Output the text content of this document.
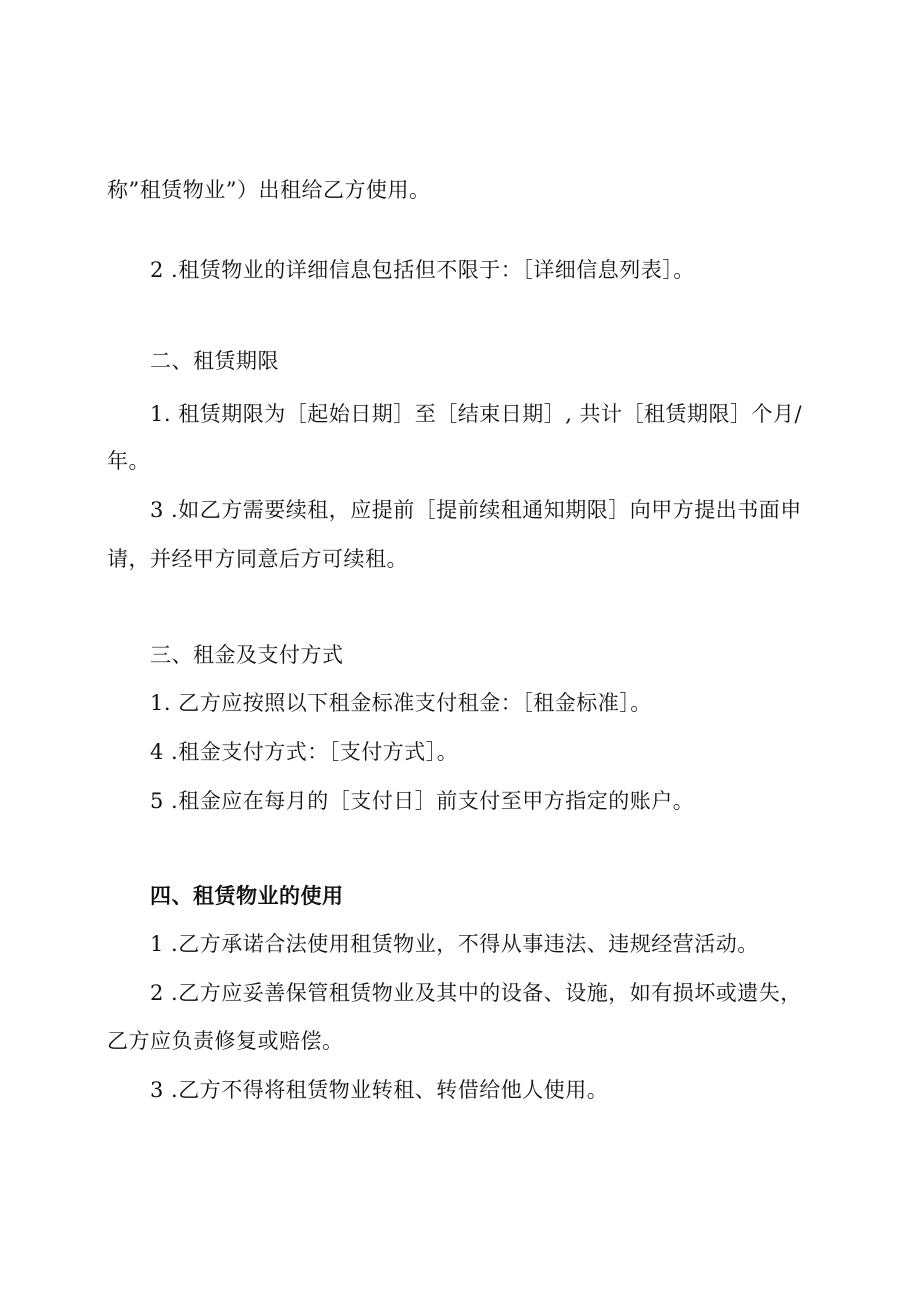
称”租赁物业”）出租给乙方使用。
2 .租赁物业的详细信息包括但不限于：［详细信息列表］。
二、租赁期限
1. 租赁期限为［起始日期］至［结束日期］, 共计［租赁期限］个月/
年。
3 .如乙方需要续租，应提前［提前续租通知期限］向甲方提出书面申
请，并经甲方同意后方可续租。
三、租金及支付方式
1. 乙方应按照以下租金标准支付租金：［租金标准］。
4 .租金支付方式：［支付方式］。
5 .租金应在每月的［支付日］前支付至甲方指定的账户。
四、租赁物业的使用
1 .乙方承诺合法使用租赁物业，不得从事违法、违规经营活动。
2 .乙方应妥善保管租赁物业及其中的设备、设施，如有损坏或遗失，
乙方应负责修复或赔偿。
3 .乙方不得将租赁物业转租、转借给他人使用。
